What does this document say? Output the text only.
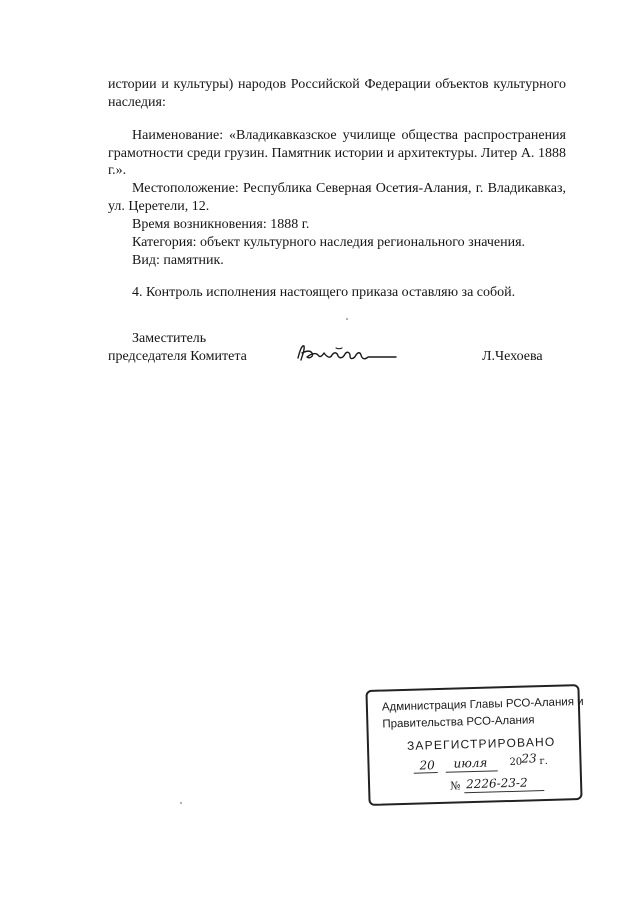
истории и культуры) народов Российской Федерации объектов культурного
наследия:
Наименование: «Владикавказское училище общества распространения
грамотности среди грузин. Памятник истории и архитектуры. Литер А. 1888
г.».
Местоположение: Республика Северная Осетия-Алания, г. Владикавказ,
ул. Церетели, 12.
Время возникновения: 1888 г.
Категория: объект культурного наследия регионального значения.
Вид: памятник.
4. Контроль исполнения настоящего приказа оставляю за собой.
Заместитель
председателя Комитета	Л.Чехоева
Администрация Главы РСО-Алания и
Правительства РСО-Алания
ЗАРЕГИСТРИРОВАНО
20 июля 20
23 г.
№ 2226-23-2
